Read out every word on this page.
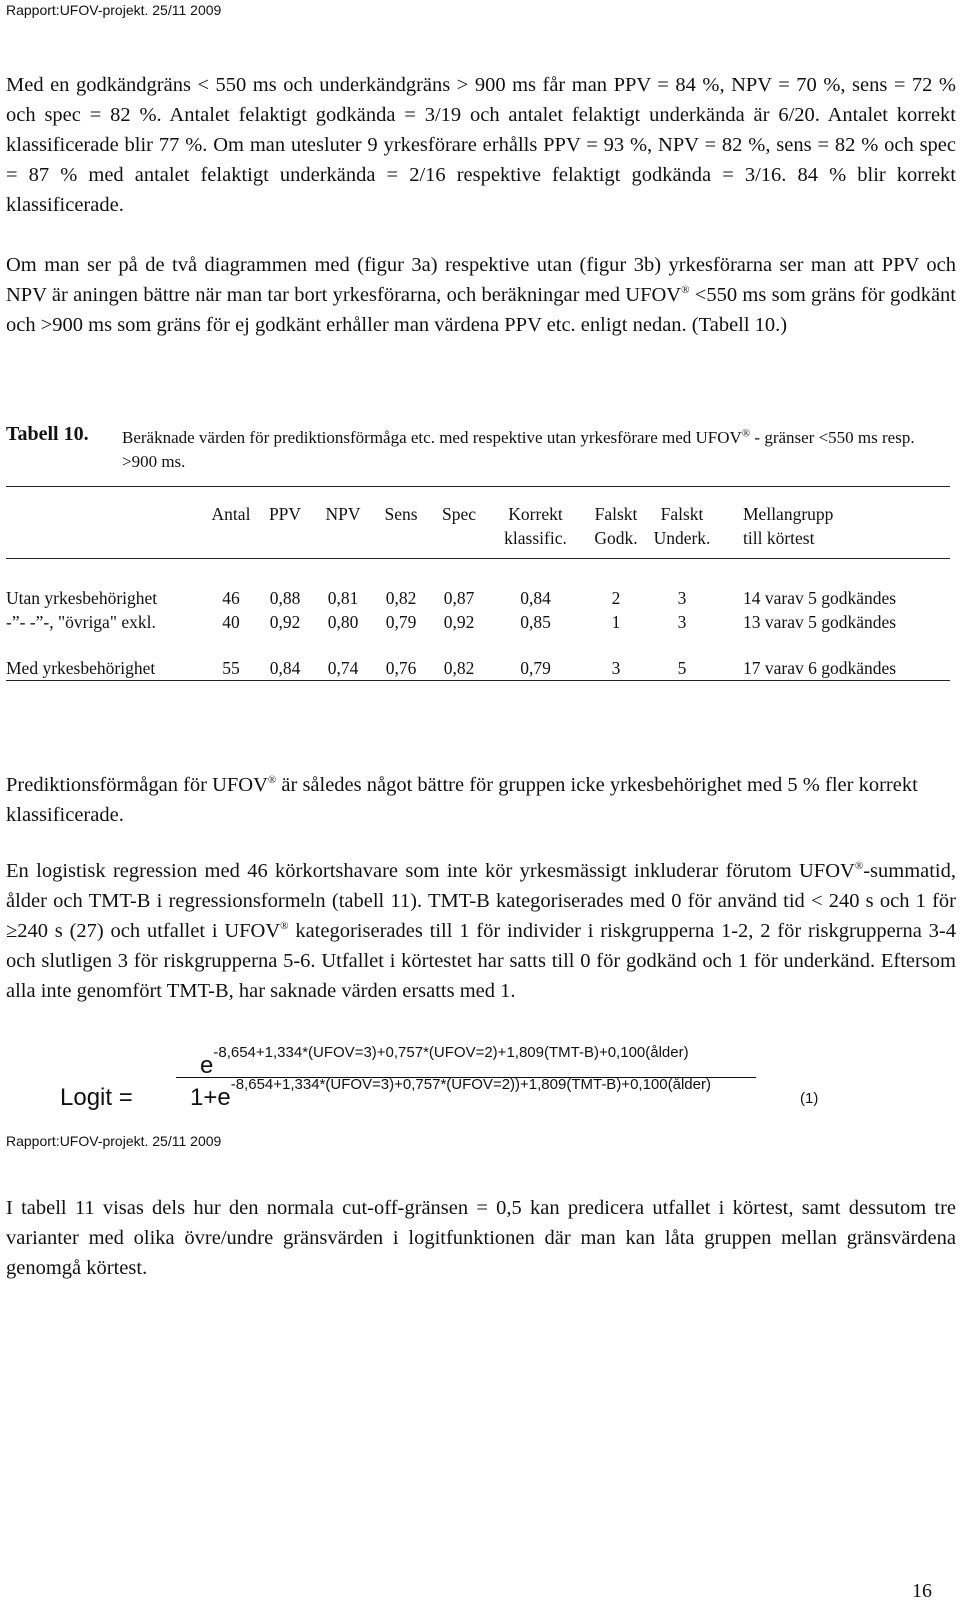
Rapport:UFOV-projekt. 25/11 2009

Med en godkändgräns < 550 ms och underkändgräns > 900 ms får man PPV = 84 %, NPV = 70 %, sens = 72 % och spec = 82 %. Antalet felaktigt godkända = 3/19 och antalet felaktigt underkända är 6/20. Antalet korrekt klassificerade blir 77 %. Om man utesluter 9 yrkesförare erhålls PPV = 93 %, NPV = 82 %, sens = 82 % och spec = 87 % med antalet felaktigt underkända = 2/16 respektive felaktigt godkända = 3/16. 84 % blir korrekt klassificerade.

Om man ser på de två diagrammen med (figur 3a) respektive utan (figur 3b) yrkesförarna ser man att PPV och NPV är aningen bättre när man tar bort yrkesförarna, och beräkningar med UFOV® <550 ms som gräns för godkänt och >900 ms som gräns för ej godkänt erhåller man värdena PPV etc. enligt nedan. (Tabell 10.)

Tabell 10. Beräknade värden för prediktionsförmåga etc. med respektive utan yrkesförare med UFOV® - gränser <550 ms resp. >900 ms.
	Antal	PPV	NPV	Sens	Spec	Korrekt	Falskt	Falskt	Mellangrupp
						klassific.	Godk.	Underk.	till körtest

Utan yrkesbehörighet	46	0,88	0,81	0,82	0,87	0,84	2	3	14 varav 5 godkändes
-”- -”-, "övriga" exkl.	40	0,92	0,80	0,79	0,92	0,85	1	3	13 varav 5 godkändes
Med yrkesbehörighet	55	0,84	0,74	0,76	0,82	0,79	3	5	17 varav 6 godkändes

Prediktionsförmågan för UFOV® är således något bättre för gruppen icke yrkesbehörighet med 5 % fler korrekt klassificerade.

En logistisk regression med 46 körkortshavare som inte kör yrkesmässigt inkluderar förutom UFOV®-summatid, ålder och TMT-B i regressionsformeln (tabell 11). TMT-B kategoriserades med 0 för använd tid < 240 s och 1 för ≥240 s (27) och utfallet i UFOV® kategoriserades till 1 för individer i riskgrupperna 1-2, 2 för riskgrupperna 3-4 och slutligen 3 för riskgrupperna 5-6. Utfallet i körtestet har satts till 0 för godkänd och 1 för underkänd. Eftersom alla inte genomfört TMT-B, har saknade värden ersatts med 1.

Logit =
$e^{-8,654+1,334*(UFOV=3)+0,757*(UFOV=2)+1,809(TMT-B)+0,100(ålder)}$
$1+e^{-8,654+1,334*(UFOV=3)+0,757*(UFOV=2))+1,809(TMT-B)+0,100(ålder)}$
(1)
Rapport:UFOV-projekt. 25/11 2009

I tabell 11 visas dels hur den normala cut-off-gränsen = 0,5 kan predicera utfallet i körtest, samt dessutom tre varianter med olika övre/undre gränsvärden i logitfunktionen där man kan låta gruppen mellan gränsvärdena genomgå körtest.

16
